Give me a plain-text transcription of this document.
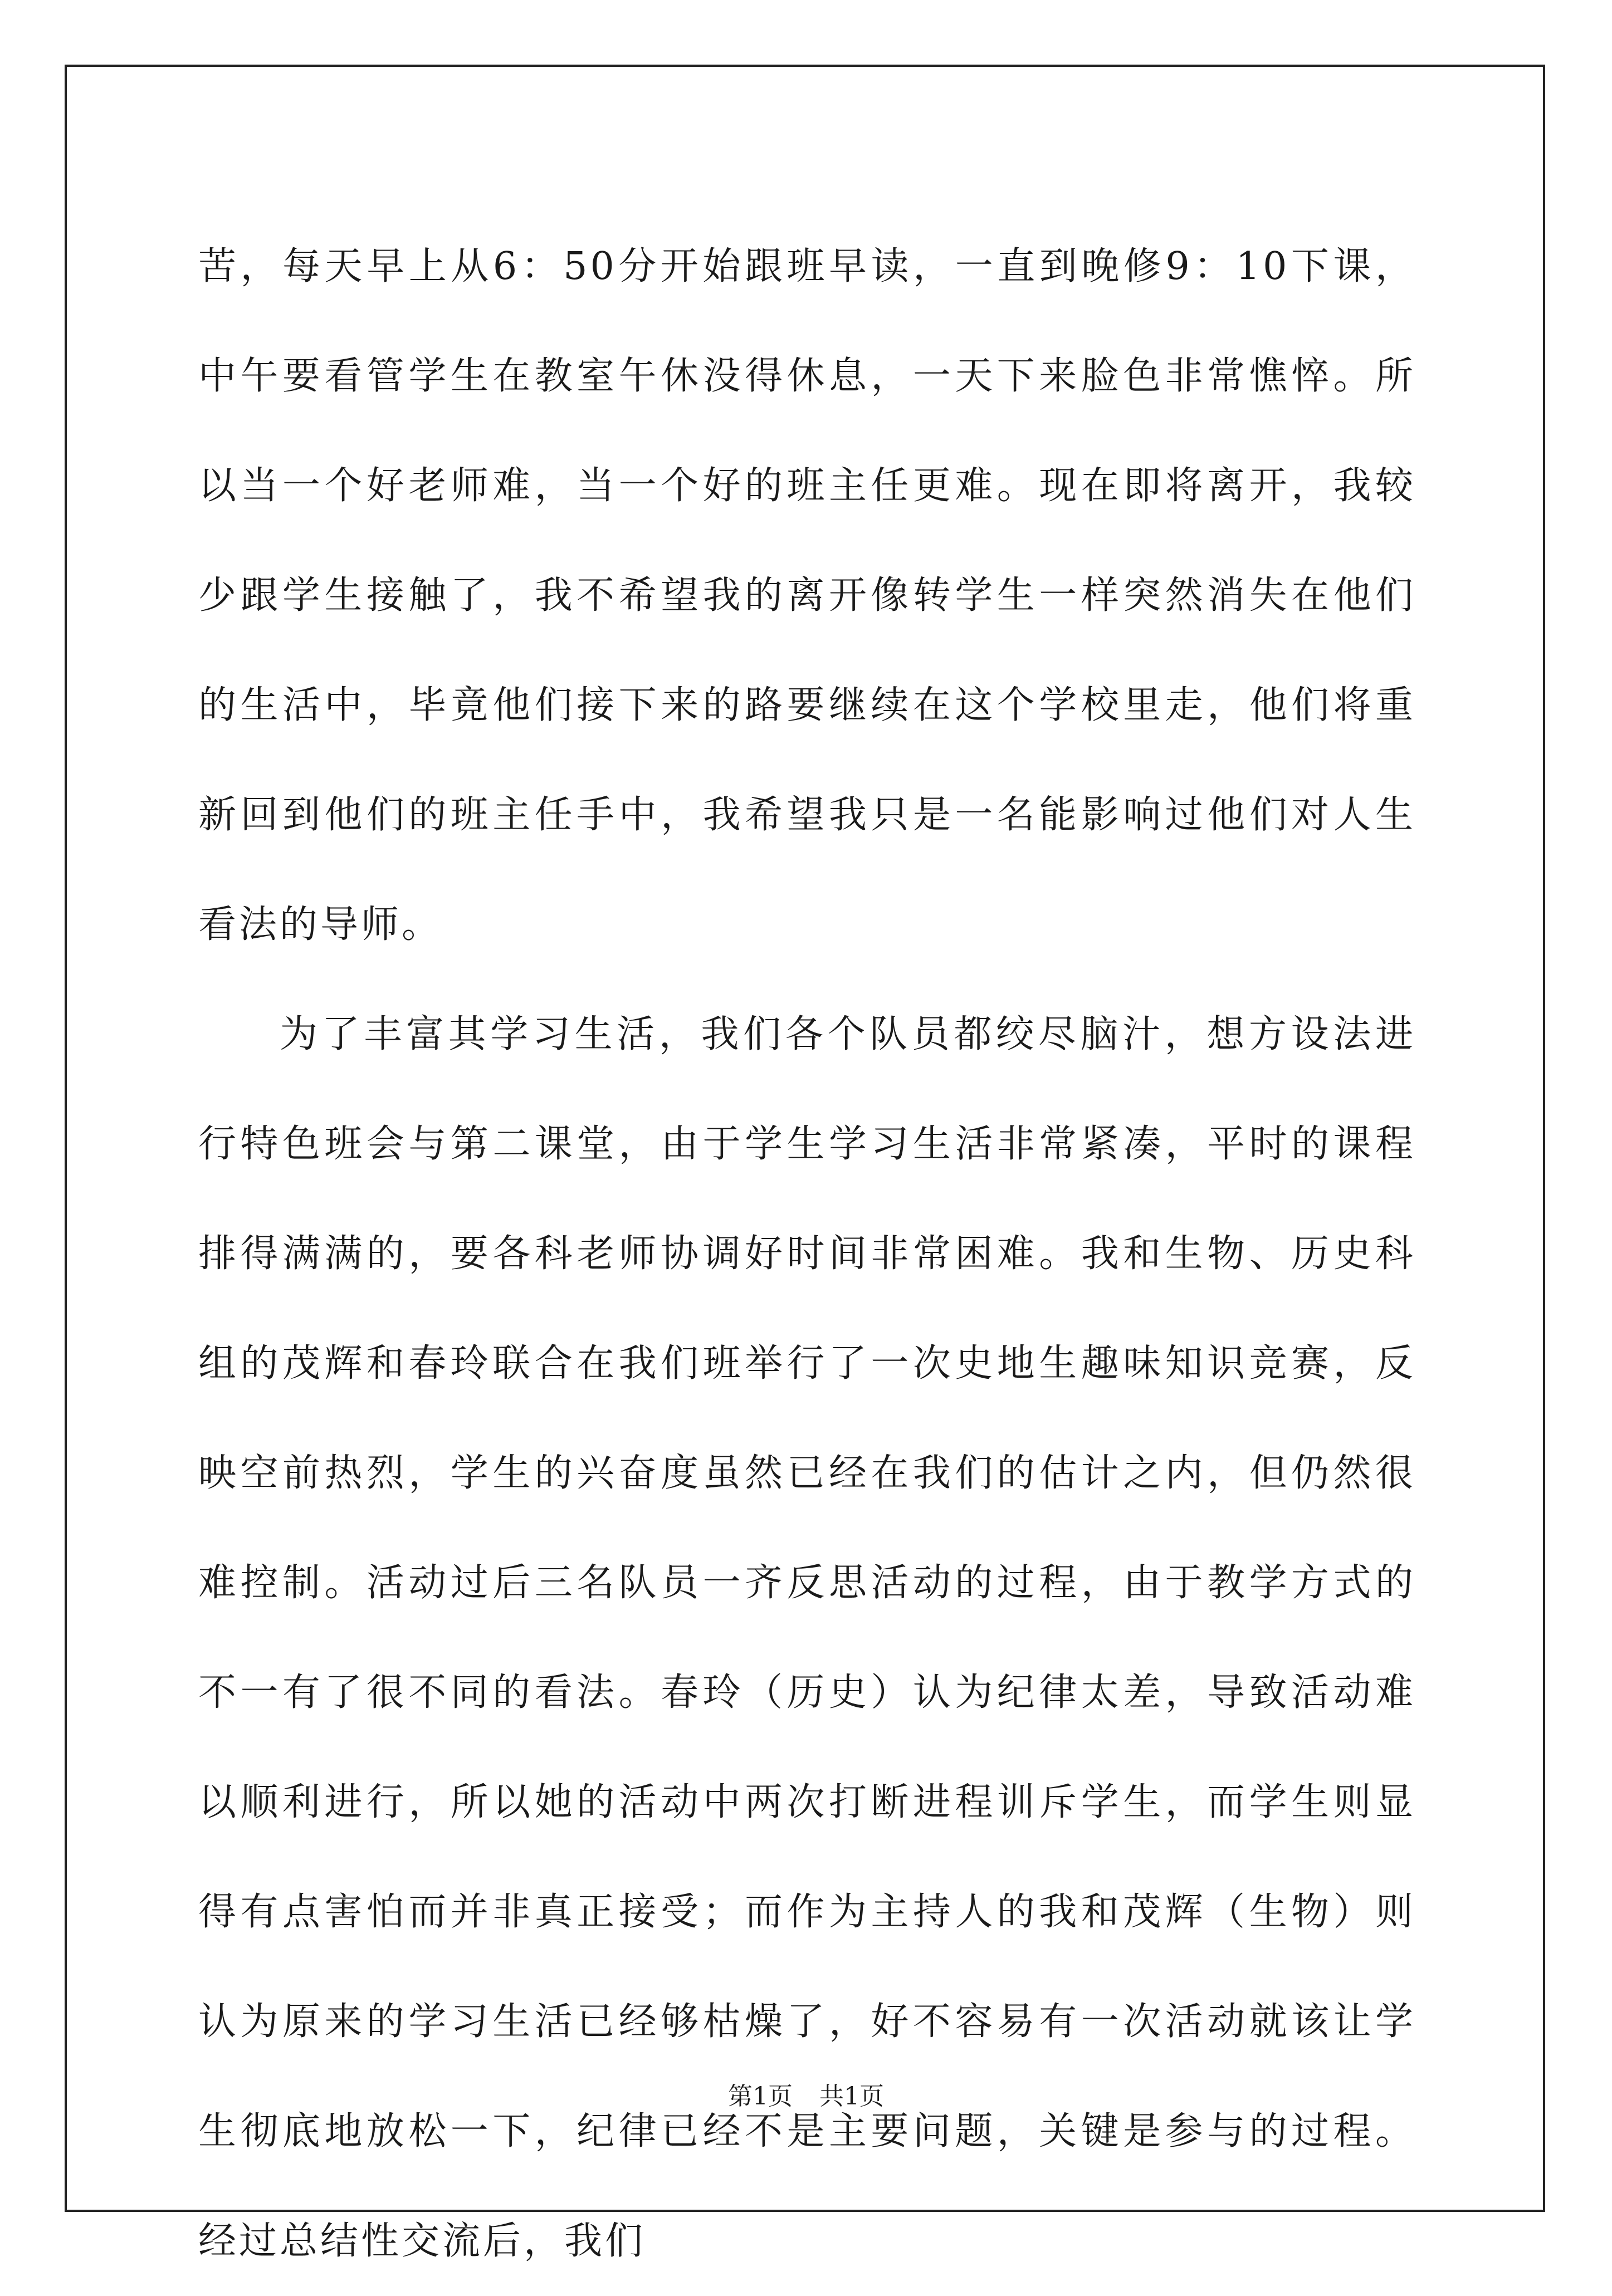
苦，每天早上从6：50分开始跟班早读，一直到晚修9：10下课，中午要看管学生在教室午休没得休息，一天下来脸色非常憔悴。所以当一个好老师难，当一个好的班主任更难。现在即将离开，我较少跟学生接触了，我不希望我的离开像转学生一样突然消失在他们的生活中，毕竟他们接下来的路要继续在这个学校里走，他们将重新回到他们的班主任手中，我希望我只是一名能影响过他们对人生看法的导师。

为了丰富其学习生活，我们各个队员都绞尽脑汁，想方设法进行特色班会与第二课堂，由于学生学习生活非常紧凑，平时的课程排得满满的，要各科老师协调好时间非常困难。我和生物、历史科组的茂辉和春玲联合在我们班举行了一次史地生趣味知识竞赛，反映空前热烈，学生的兴奋度虽然已经在我们的估计之内，但仍然很难控制。活动过后三名队员一齐反思活动的过程，由于教学方式的不一有了很不同的看法。春玲（历史）认为纪律太差，导致活动难以顺利进行，所以她的活动中两次打断进程训斥学生，而学生则显得有点害怕而并非真正接受；而作为主持人的我和茂辉（生物）则认为原来的学习生活已经够枯燥了，好不容易有一次活动就该让学生彻底地放松一下，纪律已经不是主要问题，关键是参与的过程。经过总结性交流后，我们

第1页 共1页
